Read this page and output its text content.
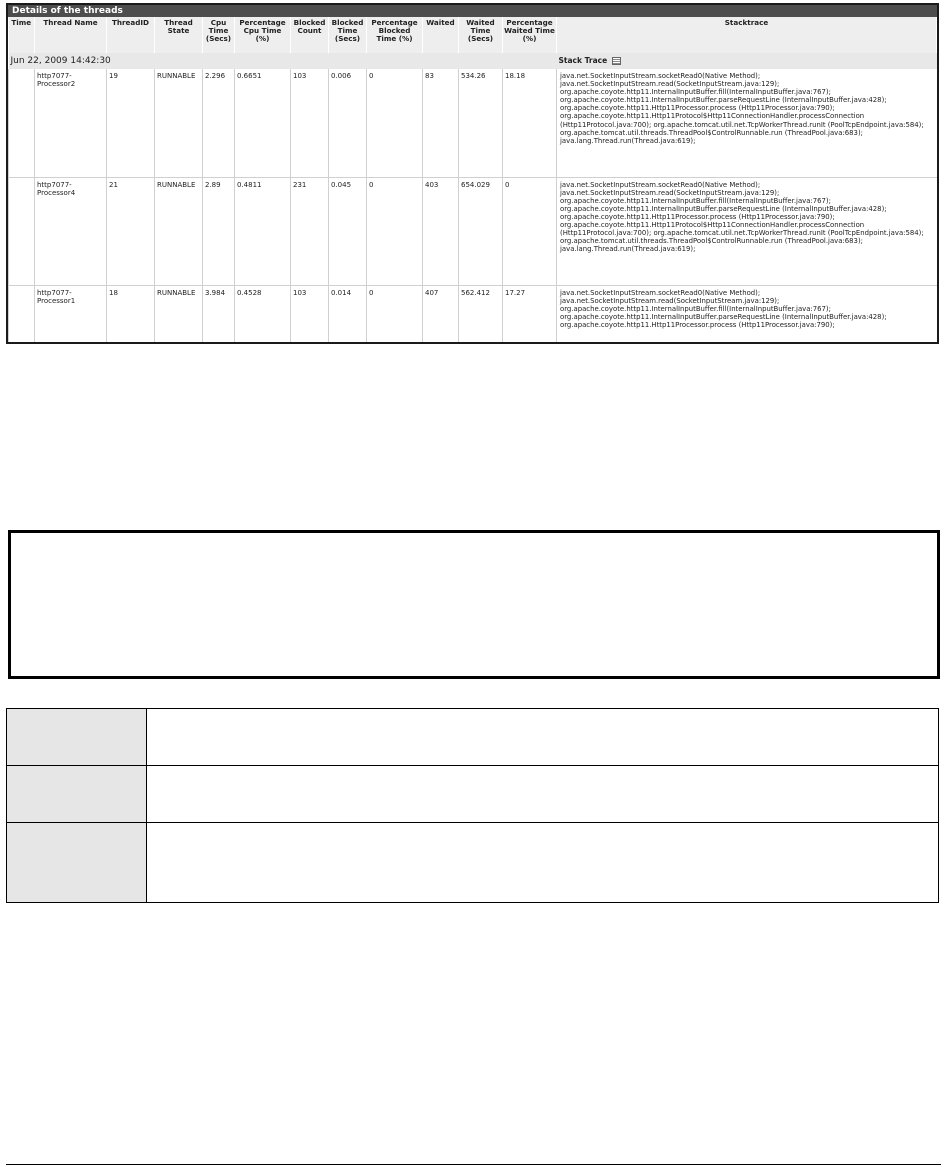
Details of the threads
Time	Thread Name	ThreadID	Thread State	Cpu Time (Secs)	Percentage Cpu Time (%)	Blocked Count	Blocked Time (Secs)	Percentage Blocked Time (%)	Waited	Waited Time (Secs)	Percentage Waited Time (%)	Stacktrace
Jun 22, 2009 14:42:30												Stack Trace
	http7077-Processor2	19	RUNNABLE	2.296	0.6651	103	0.006	0	83	534.26	18.18	java.net.SocketInputStream.socketRead0(Native Method); java.net.SocketInputStream.read(SocketInputStream.java:129); org.apache.coyote.http11.InternalInputBuffer.fill(InternalInputBuffer.java:767); org.apache.coyote.http11.InternalInputBuffer.parseRequestLine (InternalInputBuffer.java:428); org.apache.coyote.http11.Http11Processor.process (Http11Processor.java:790); org.apache.coyote.http11.Http11Protocol$Http11ConnectionHandler.processConnection (Http11Protocol.java:700); org.apache.tomcat.util.net.TcpWorkerThread.runIt (PoolTcpEndpoint.java:584); org.apache.tomcat.util.threads.ThreadPool$ControlRunnable.run (ThreadPool.java:683); java.lang.Thread.run(Thread.java:619);
	http7077-Processor4	21	RUNNABLE	2.89	0.4811	231	0.045	0	403	654.029	0	java.net.SocketInputStream.socketRead0(Native Method); java.net.SocketInputStream.read(SocketInputStream.java:129); org.apache.coyote.http11.InternalInputBuffer.fill(InternalInputBuffer.java:767); org.apache.coyote.http11.InternalInputBuffer.parseRequestLine (InternalInputBuffer.java:428); org.apache.coyote.http11.Http11Processor.process (Http11Processor.java:790); org.apache.coyote.http11.Http11Protocol$Http11ConnectionHandler.processConnection (Http11Protocol.java:700); org.apache.tomcat.util.net.TcpWorkerThread.runIt (PoolTcpEndpoint.java:584); org.apache.tomcat.util.threads.ThreadPool$ControlRunnable.run (ThreadPool.java:683); java.lang.Thread.run(Thread.java:619);
	http7077-Processor1	18	RUNNABLE	3.984	0.4528	103	0.014	0	407	562.412	17.27	java.net.SocketInputStream.socketRead0(Native Method); java.net.SocketInputStream.read(SocketInputStream.java:129); org.apache.coyote.http11.InternalInputBuffer.fill(InternalInputBuffer.java:767); org.apache.coyote.http11.InternalInputBuffer.parseRequestLine (InternalInputBuffer.java:428); org.apache.coyote.http11.Http11Processor.process (Http11Processor.java:790);
